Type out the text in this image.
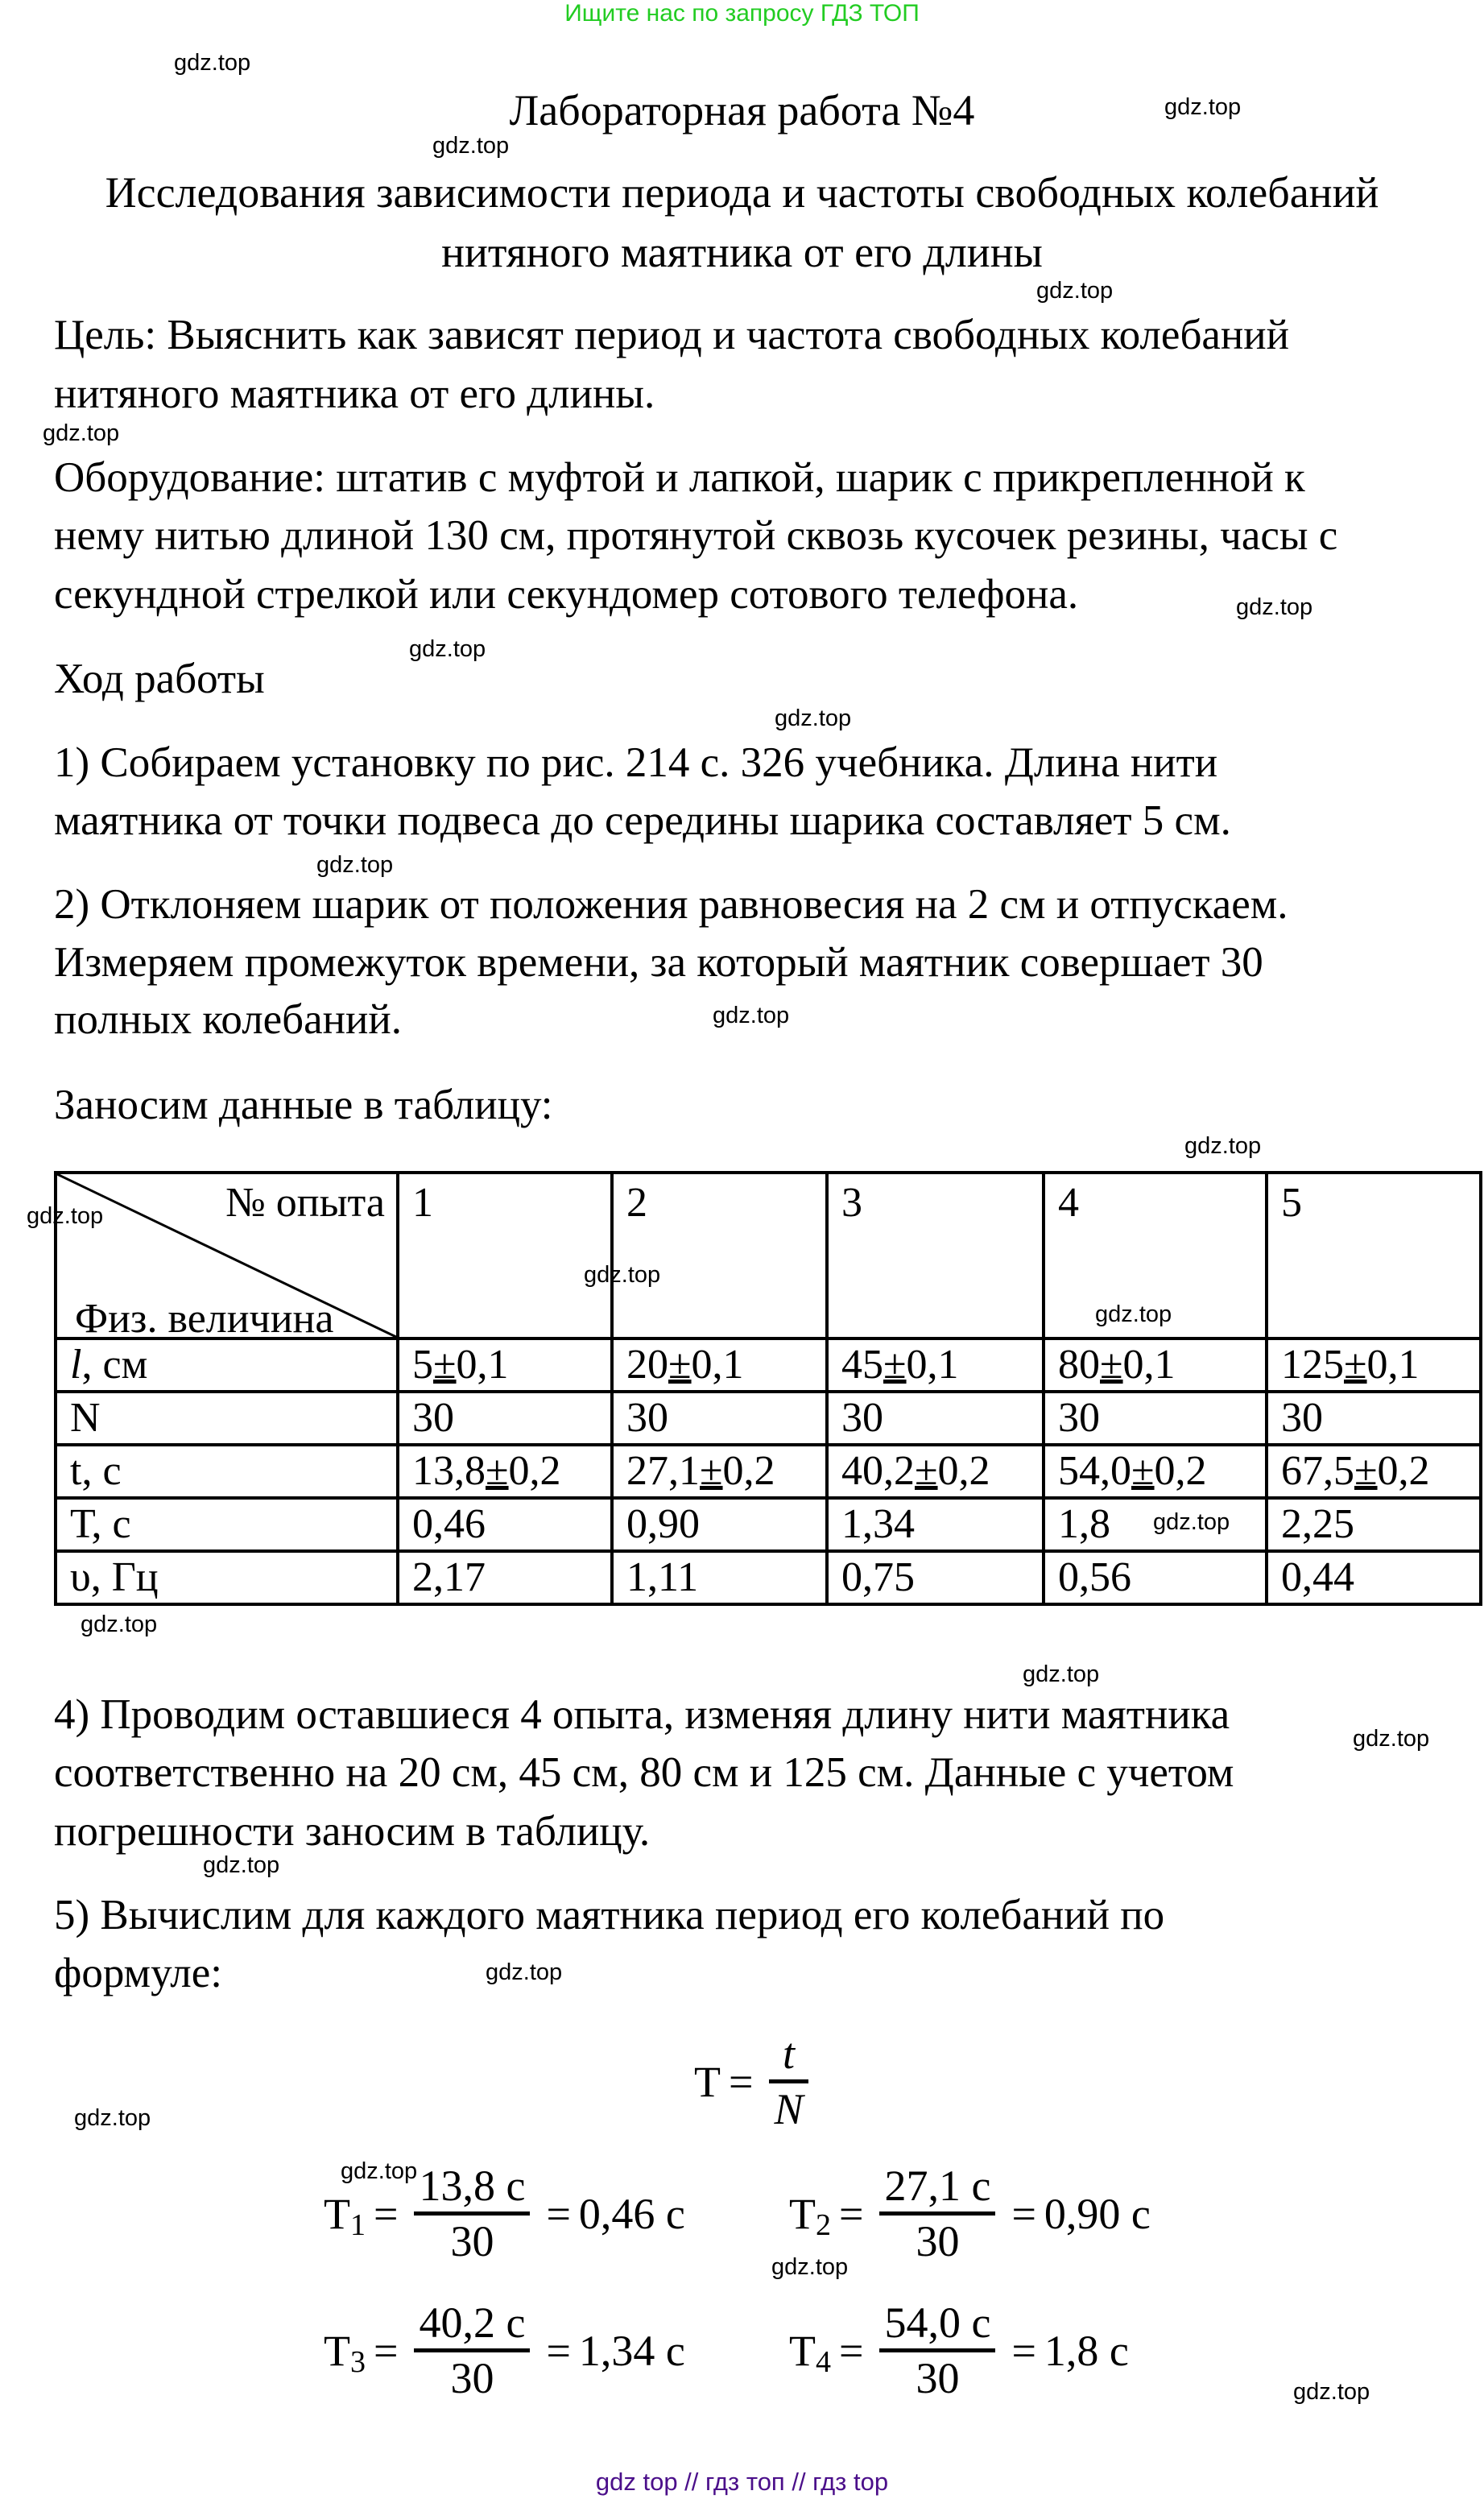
Ищите нас по запросу ГДЗ ТОП
gdz.top
gdz.top
gdz.top
gdz.top
gdz.top
gdz.top
gdz.top
gdz.top
gdz.top
gdz.top
gdz.top
gdz.top
gdz.top
gdz.top
gdz.top
gdz.top
gdz.top
gdz.top
gdz.top
gdz.top
gdz.top
gdz.top
gdz.top
gdz.top
Лабораторная работа №4
Исследования зависимости периода и частоты свободных колебаний
нитяного маятника от его длины
Цель: Выяснить как зависят период и частота свободных колебаний
нитяного маятника от его длины.
Оборудование: штатив с муфтой и лапкой, шарик с прикрепленной к
нему нитью длиной 130 см, протянутой сквозь кусочек резины, часы с
секундной стрелкой или секундомер сотового телефона.
Ход работы
1) Собираем установку по рис. 214 с. 326 учебника. Длина нити
маятника от точки подвеса до середины шарика составляет 5 см.
2) Отклоняем шарик от положения равновесия на 2 см и отпускаем.
Измеряем промежуток времени, за который маятник совершает 30
полных колебаний.
Заносим данные в таблицу:
№ опыта
Физ. величина	1	2	3	4	5
l, см	5±0,1	20±0,1	45±0,1	80±0,1	125±0,1
N	30	30	30	30	30
t, с	13,8±0,2	27,1±0,2	40,2±0,2	54,0±0,2	67,5±0,2
Т, с	0,46	0,90	1,34	1,8	2,25
υ, Гц	2,17	1,11	0,75	0,56	0,44
4) Проводим оставшиеся 4 опыта, изменяя длину нити маятника
соответственно на 20 см, 45 см, 80 см и 125 см. Данные с учетом
погрешности заносим в таблицу.
5) Вычислим для каждого маятника период его колебаний по
формуле:
T =
t
N
T 1 =
13,8 с
30
= 0,46 с T 2 =
27,1 с
30
= 0,90 с
T 3 =
40,2 с
30
= 1,34 с T 4 =
54,0 с
30
= 1,8 с
gdz top // гдз топ // гдз top
